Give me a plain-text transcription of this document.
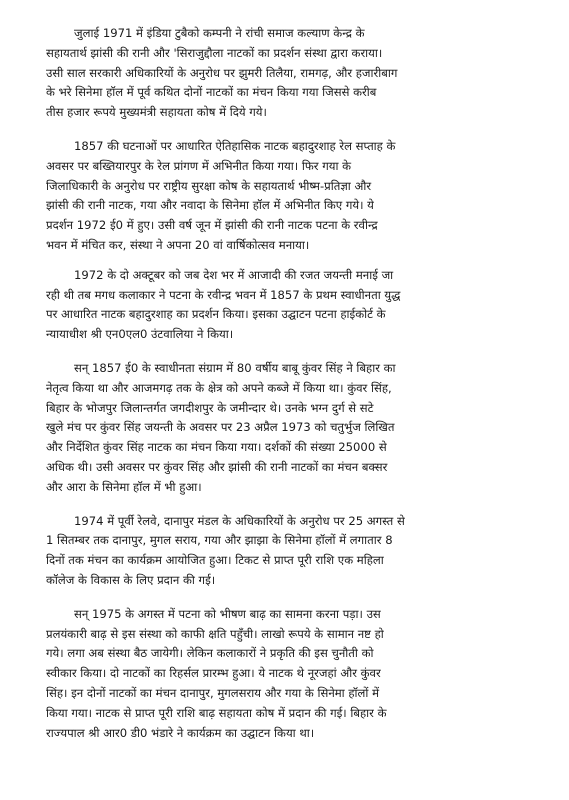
जुलाई 1971 में इंडिया टुबैको कम्पनी ने रांची समाज कल्याण केन्द्र के
सहायतार्थ झांसी की रानी और 'सिराजुद्दौला नाटकों का प्रदर्शन संस्था द्वारा कराया।
उसी साल सरकारी अधिकारियों के अनुरोध पर झुमरी तिलैया, रामगढ़, और हजारीबाग
के भरे सिनेमा हॉल में पूर्व कथित दोनों नाटकों का मंचन किया गया जिससे करीब
तीस हजार रूपये मुख्यमंत्री सहायता कोष में दिये गये।

1857 की घटनाओं पर आधारित ऐतिहासिक नाटक बहादुरशाह रेल सप्ताह के
अवसर पर बख्तियारपुर के रेल प्रांगण में अभिनीत किया गया। फिर गया के
जिलाधिकारी के अनुरोध पर राष्ट्रीय सुरक्षा कोष के सहायतार्थ भीष्म-प्रतिज्ञा और
झांसी की रानी नाटक, गया और नवादा के सिनेमा हॉल में अभिनीत किए गये। ये
प्रदर्शन 1972 ई0 में हुए। उसी वर्ष जून में झांसी की रानी नाटक पटना के रवीन्द्र
भवन में मंचित कर, संस्था ने अपना 20 वां वार्षिकोत्सव मनाया।

1972 के दो अक्टूबर को जब देश भर में आजादी की रजत जयन्ती मनाई जा
रही थी तब मगध कलाकार ने पटना के रवीन्द्र भवन में 1857 के प्रथम स्वाधीनता युद्ध
पर आधारित नाटक बहादुरशाह का प्रदर्शन किया। इसका उद्घाटन पटना हाईकोर्ट के
न्यायाधीश श्री एन0एल0 उंटवालिया ने किया।

सन् 1857 ई0 के स्वाधीनता संग्राम में 80 वर्षीय बाबू कुंवर सिंह ने बिहार का
नेतृत्व किया था और आजमगढ़ तक के क्षेत्र को अपने कब्जे में किया था। कुंवर सिंह,
बिहार के भोजपुर जिलान्तर्गत जगदीशपुर के जमीन्दार थे। उनके भग्न दुर्ग से सटे
खुले मंच पर कुंवर सिंह जयन्ती के अवसर पर 23 अप्रैल 1973 को चतुर्भुज लिखित
और निर्देशित कुंवर सिंह नाटक का मंचन किया गया। दर्शकों की संख्या 25000 से
अधिक थी। उसी अवसर पर कुंवर सिंह और झांसी की रानी नाटकों का मंचन बक्सर
और आरा के सिनेमा हॉल में भी हुआ।

1974 में पूर्वी रेलवे, दानापुर मंडल के अधिकारियों के अनुरोध पर 25 अगस्त से
1 सितम्बर तक दानापुर, मुगल सराय, गया और झाझा के सिनेमा हॉलों में लगातार 8
दिनों तक मंचन का कार्यक्रम आयोजित हुआ। टिकट से प्राप्त पूरी राशि एक महिला
कॉलेज के विकास के लिए प्रदान की गई।

सन् 1975 के अगस्त में पटना को भीषण बाढ़ का सामना करना पड़ा। उस
प्रलयंकारी बाढ़ से इस संस्था को काफी क्षति पहुँची। लाखो रूपये के सामान नष्ट हो
गये। लगा अब संस्था बैठ जायेगी। लेकिन कलाकारों ने प्रकृति की इस चुनौती को
स्वीकार किया। दो नाटकों का रिहर्सल प्रारम्भ हुआ। ये नाटक थे नूरजहां और कुंवर
सिंह। इन दोनों नाटकों का मंचन दानापुर, मुगलसराय और गया के सिनेमा हॉलों में
किया गया। नाटक से प्राप्त पूरी राशि बाढ़ सहायता कोष में प्रदान की गई। बिहार के
राज्यपाल श्री आर0 डी0 भंडारे ने कार्यक्रम का उद्घाटन किया था।
